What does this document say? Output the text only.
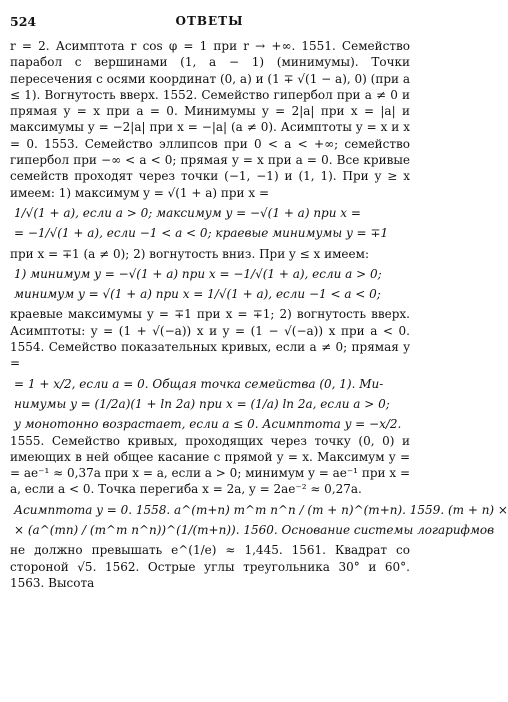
524	ОТВЕТЫ

r = 2. Асимптота r cos φ = 1 при r → +∞. 1551. Семейство парабол с вершинами (1, a − 1) (минимумы). Точки пересечения с осями координат (0, a) и (1 ∓ √(1 − a), 0) (при a ≤ 1). Вогнутость вверх. 1552. Семейство гипербол при a ≠ 0 и прямая y = x при a = 0. Минимумы y = 2|a| при x = |a| и максимумы y = −2|a| при x = −|a| (a ≠ 0). Асимптоты y = x и x = 0. 1553. Семейство эллипсов при 0 < a < +∞; семейство гипербол при −∞ < a < 0; прямая y = x при a = 0. Все кривые семейств проходят через точки (−1, −1) и (1, 1). При y ≥ x имеем: 1) максимум y = √(1 + a) при x =

1/√(1 + a), если a > 0; максимум y = −√(1 + a) при x =

= −1/√(1 + a), если −1 < a < 0; краевые минимумы y = ∓1

при x = ∓1 (a ≠ 0); 2) вогнутость вниз. При y ≤ x имеем:

1) минимум y = −√(1 + a) при x = −1/√(1 + a), если a > 0;

минимум y = √(1 + a) при x = 1/√(1 + a), если −1 < a < 0;

краевые максимумы y = ∓1 при x = ∓1; 2) вогнутость вверх. Асимптоты: y = (1 + √(−a)) x и y = (1 − √(−a)) x при a < 0. 1554. Семейство показательных кривых, если a ≠ 0; прямая y =

= 1 + x/2, если a = 0. Общая точка семейства (0, 1). Ми-

нимумы y = (1/2a)(1 + ln 2a) при x = (1/a) ln 2a, если a > 0;

y монотонно возрастает, если a ≤ 0. Асимптота y = −x/2.

1555. Семейство кривых, проходящих через точку (0, 0) и имеющих в ней общее касание с прямой y = x. Максимум y = = ae⁻¹ ≈ 0,37a при x = a, если a > 0; минимум y = ae⁻¹ при x = a, если a < 0. Точка перегиба x = 2a, y = 2ae⁻² ≈ 0,27a.

Асимптота y = 0. 1558. a^(m+n) m^m n^n / (m + n)^(m+n). 1559. (m + n) ×

× (a^(mn) / (m^m n^n))^(1/(m+n)). 1560. Основание системы логарифмов

не должно превышать e^(1/e) ≈ 1,445. 1561. Квадрат со стороной √5. 1562. Острые углы треугольника 30° и 60°. 1563. Высота
